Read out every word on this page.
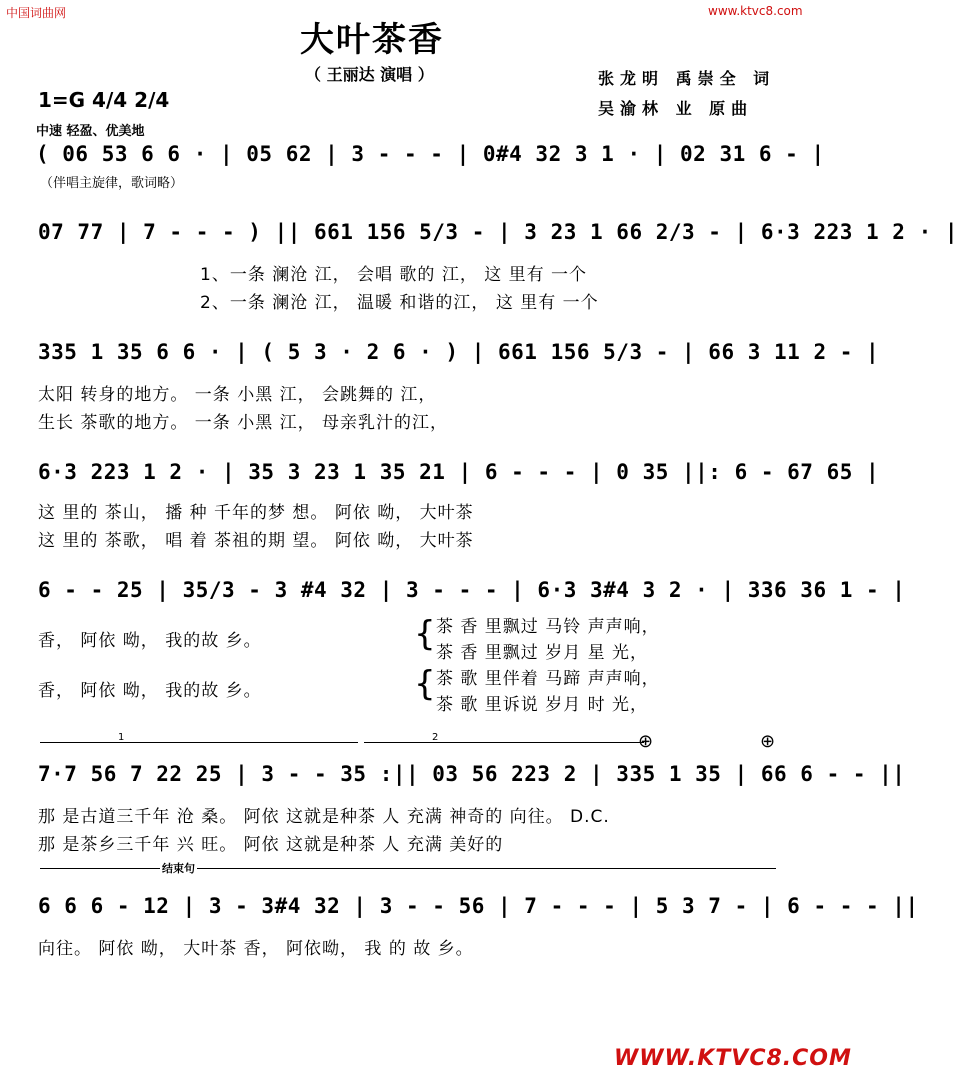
中国词曲网	www.ktvc8.com
大叶茶香
（ 王丽达 演唱 ）	张龙明 禹崇全 词
吴渝林 业 原曲
1=G 4/4 2/4
中速 轻盈、优美地
( 06 53 6 6 · | 05 62 | 3 - - - | 0#4 32 3 1 · | 02 31 6 - |
（伴唱主旋律，歌词略）
07 77 | 7 - - - ) || 661 156 5/3 - | 3 23 1 66 2/3 - | 6·3 223 1 2 · |
1、一条 澜沧 江， 会唱 歌的 江， 这 里有 一个
2、一条 澜沧 江， 温暖 和谐的江， 这 里有 一个
335 1 35 6 6 · | ( 5 3 · 2 6 · ) | 661 156 5/3 - | 66 3 11 2 - |
太阳 转身的地方。 一条 小黑 江， 会跳舞的 江，
生长 茶歌的地方。 一条 小黑 江， 母亲乳汁的江，
6·3 223 1 2 · | 35 3 23 1 35 21 | 6 - - - | 0 35 ||: 6 - 67 65 |
这 里的 茶山， 播 种 千年的梦 想。 阿依 呦， 大叶茶
这 里的 茶歌， 唱 着 茶祖的期 望。 阿依 呦， 大叶茶
6 - - 25 | 35/3 - 3 #4 32 | 3 - - - | 6·3 3#4 3 2 · | 336 36 1 - |
香， 阿依 呦， 我的故 乡。
香， 阿依 呦， 我的故 乡。
{
{
茶 香 里飘过 马铃 声声响，
茶 香 里飘过 岁月 星 光，
茶 歌 里伴着 马蹄 声声响，
茶 歌 里诉说 岁月 时 光，
1	2	⊕	⊕
7·7 56 7 22 25 | 3 - - 35 :|| 03 56 223 2 | 335 1 35 | 66 6 - - ||
那 是古道三千年 沧 桑。 阿依 这就是种茶 人 充满 神奇的 向往。 D.C.
那 是茶乡三千年 兴 旺。 阿依 这就是种茶 人 充满 美好的
结束句
6 6 6 - 12 | 3 - 3#4 32 | 3 - - 56 | 7 - - - | 5 3 7 - | 6 - - - ||
向往。 阿依 呦， 大叶茶 香， 阿依呦， 我 的 故 乡。
WWW.KTVC8.COM
